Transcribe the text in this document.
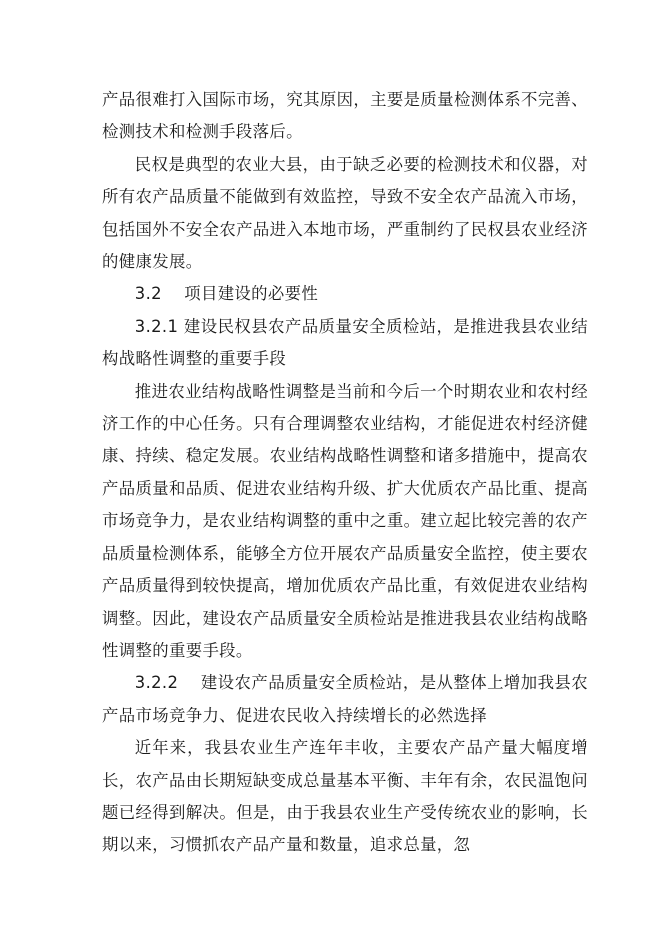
产品很难打入国际市场，究其原因，主要是质量检测体系不完善、检测技术和检测手段落后。

民权是典型的农业大县，由于缺乏必要的检测技术和仪器，对所有农产品质量不能做到有效监控，导致不安全农产品流入市场，包括国外不安全农产品进入本地市场，严重制约了民权县农业经济的健康发展。

3.2　 项目建设的必要性

3.2.1 建设民权县农产品质量安全质检站，是推进我县农业结构战略性调整的重要手段

推进农业结构战略性调整是当前和今后一个时期农业和农村经济工作的中心任务。只有合理调整农业结构，才能促进农村经济健康、持续、稳定发展。农业结构战略性调整和诸多措施中，提高农产品质量和品质、促进农业结构升级、扩大优质农产品比重、提高市场竞争力，是农业结构调整的重中之重。建立起比较完善的农产品质量检测体系，能够全方位开展农产品质量安全监控，使主要农产品质量得到较快提高，增加优质农产品比重，有效促进农业结构调整。因此，建设农产品质量安全质检站是推进我县农业结构战略性调整的重要手段。

3.2.2　 建设农产品质量安全质检站，是从整体上增加我县农产品市场竞争力、促进农民收入持续增长的必然选择

近年来，我县农业生产连年丰收，主要农产品产量大幅度增长，农产品由长期短缺变成总量基本平衡、丰年有余，农民温饱问题已经得到解决。但是，由于我县农业生产受传统农业的影响，长期以来，习惯抓农产品产量和数量，追求总量，忽
